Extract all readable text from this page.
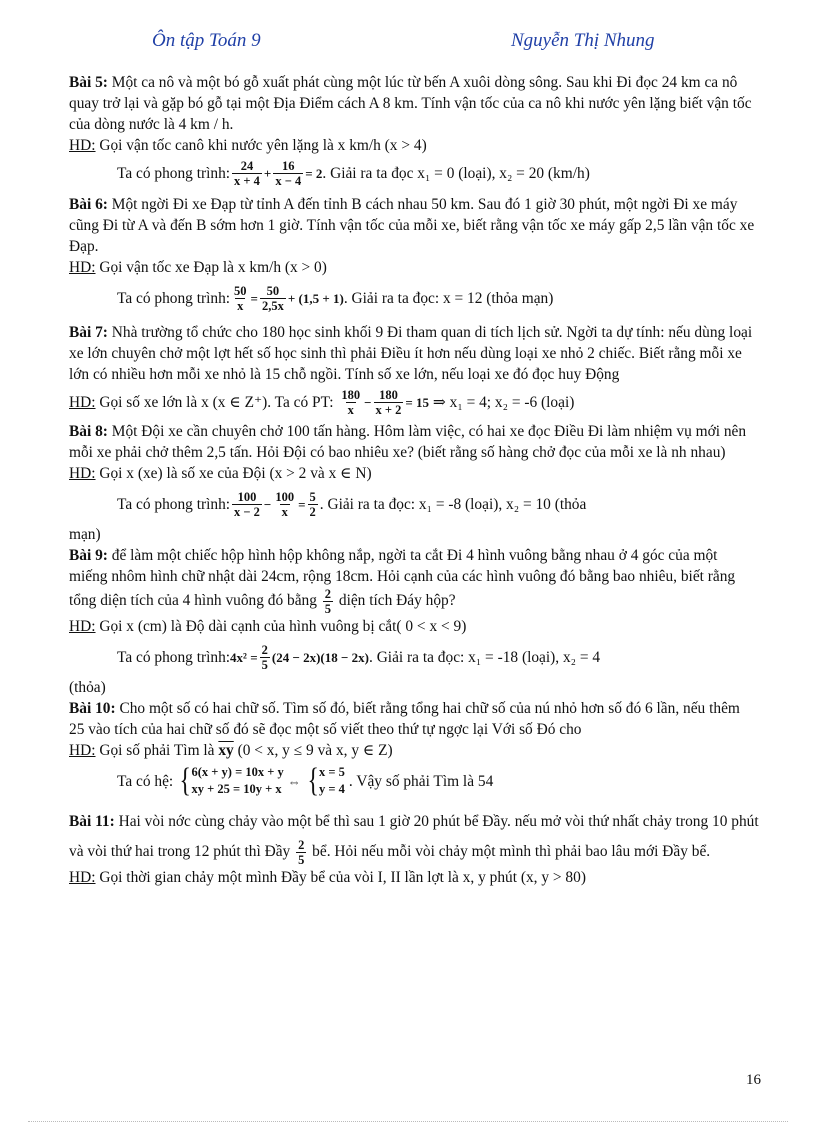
Ôn tập Toán 9	Nguyễn Thị Nhung

Bài 5: Một ca nô và một bó gỗ xuất phát cùng một lúc từ bến A xuôi dòng sông. Sau khi Đi đọc 24 km ca nô quay trở lại và gặp bó gỗ tại một Địa Điểm cách A 8 km. Tính vận tốc của ca nô khi nước yên lặng biết vận tốc của dòng nước là 4 km / h.

HD: Gọi vận tốc canô khi nước yên lặng là x km/h (x > 4)

Ta có phong trình: $\frac{24}{x + 4} + \frac{16}{x - 4} = 2$ . Giải ra ta đọc x₁ = 0 (loại), x₂ = 20 (km/h)

Bài 6: Một ngời Đi xe Đạp từ tỉnh A đến tỉnh B cách nhau 50 km. Sau đó 1 giờ 30 phút, một ngời Đi xe máy cũng Đi từ A và đến B sớm hơn 1 giờ. Tính vận tốc của mỗi xe, biết rằng vận tốc xe máy gấp 2,5 lần vận tốc xe Đạp.

HD: Gọi vận tốc xe Đạp là x km/h (x > 0)

Ta có phong trình: $\frac{50}{x} = \frac{50}{2,5x} + (1,5 + 1)$ . Giải ra ta đọc: x = 12 (thỏa mạn)

Bài 7: Nhà trường tổ chức cho 180 học sinh khối 9 Đi tham quan di tích lịch sử. Ngời ta dự tính: nếu dùng loại xe lớn chuyên chở một lợt hết số học sinh thì phải Điều ít hơn nếu dùng loại xe nhỏ 2 chiếc. Biết rằng mỗi xe lớn có nhiều hơn mỗi xe nhỏ là 15 chỗ ngồi. Tính số xe lớn, nếu loại xe đó đọc huy Động

HD: Gọi số xe lớn là x (x ∈ Z⁺). Ta có PT: $\frac{180}{x} - \frac{180}{x + 2} = 15$ ⇒ x₁ = 4; x₂ = -6 (loại)

Bài 8: Một Đội xe cần chuyên chở 100 tấn hàng. Hôm làm việc, có hai xe đọc Điều Đi làm nhiệm vụ mới nên mỗi xe phải chở thêm 2,5 tấn. Hỏi Đội có bao nhiêu xe? (biết rằng số hàng chở đọc của mỗi xe là nh nhau)

HD: Gọi x (xe) là số xe của Đội (x > 2 và x ∈ N)

Ta có phong trình: $\frac{100}{x - 2} - \frac{100}{x} = \frac{5}{2}$ . Giải ra ta đọc: x₁ = -8 (loại), x₂ = 10 (thỏa

mạn)

Bài 9: để làm một chiếc hộp hình hộp không nắp, ngời ta cắt Đi 4 hình vuông bằng nhau ở 4 góc của một miếng nhôm hình chữ nhật dài 24cm, rộng 18cm. Hỏi cạnh của các hình vuông đó bằng bao nhiêu, biết rằng tổng diện tích của 4 hình vuông đó bằng $\frac{2}{5}$ diện tích Đáy hộp?

HD: Gọi x (cm) là Độ dài cạnh của hình vuông bị cắt( 0 < x < 9)

Ta có phong trình: $4x^2 = \frac{2}{5} (24 - 2x)(18 - 2x)$ . Giải ra ta đọc: x₁ = -18 (loại), x₂ = 4

(thỏa)

Bài 10: Cho một số có hai chữ số. Tìm số đó, biết rằng tổng hai chữ số của nú nhỏ hơn số đó 6 lần, nếu thêm 25 vào tích của hai chữ số đó sẽ đọc một số viết theo thứ tự ngợc lại Với số Đó cho

HD: Gọi số phải Tìm là $\overline{xy}$ (0 < x, y ≤ 9 và x, y ∈ Z)

Ta có hệ: { 6(x + y) = 10x + y
xy + 25 = 10y + x
⇔ { x = 5
y = 4 . Vậy số phải Tìm là 54

Bài 11: Hai vòi nớc cùng chảy vào một bể thì sau 1 giờ 20 phút bể Đầy. nếu mở vòi thứ nhất chảy trong 10 phút và vòi thứ hai trong 12 phút thì Đầy $\frac{2}{5}$ bể. Hỏi nếu mỗi vòi chảy một mình thì phải bao lâu mới Đầy bể.

HD: Gọi thời gian chảy một mình Đầy bể của vòi I, II lần lợt là x, y phút (x, y > 80)

16
